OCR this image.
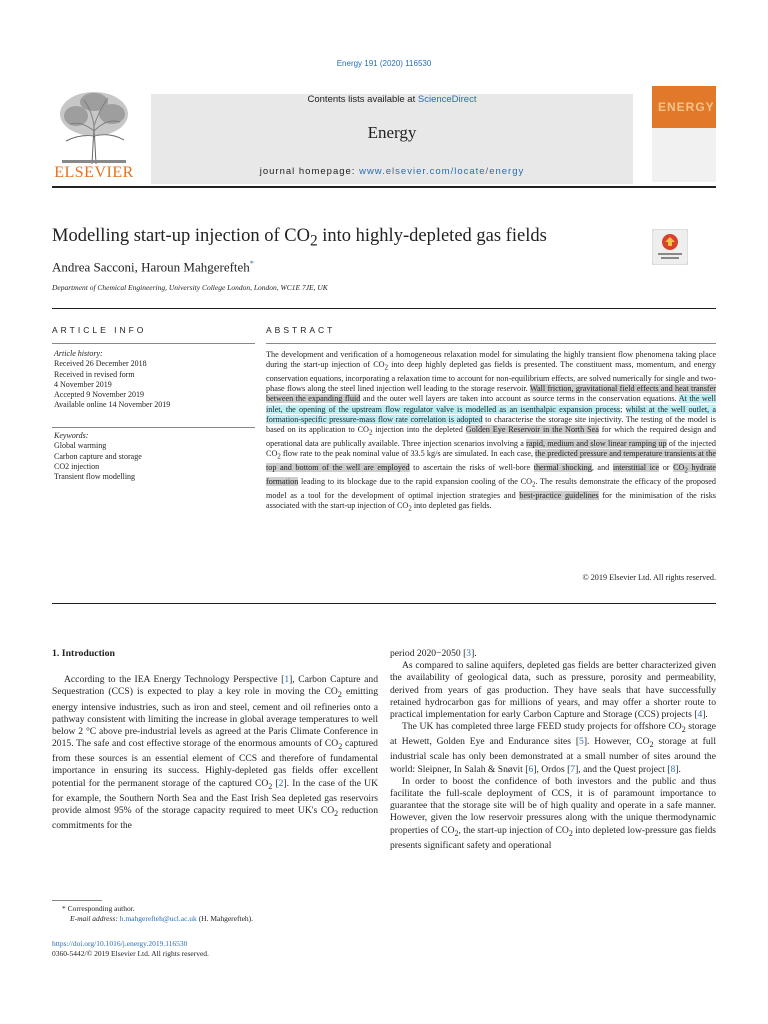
Energy 191 (2020) 116530
ELSEVIER
Contents lists available at ScienceDirect
Energy
journal homepage: www.elsevier.com/locate/energy
ENERGY
Modelling start-up injection of $CO_2$ into highly-depleted gas fields
Andrea Sacconi, Haroun Mahgerefteh*
Department of Chemical Engineering, University College London, London, WC1E 7JE, UK
ARTICLE INFO	ABSTRACT
Article history:
Received 26 December 2018
Received in revised form
4 November 2019
Accepted 9 November 2019
Available online 14 November 2019
Keywords:
Global warming
Carbon capture and storage
CO2 injection
Transient flow modelling
The development and verification of a homogeneous relaxation model for simulating the highly transient flow phenomena taking place during the start-up injection of $CO_2$ into deep highly depleted gas fields is presented. The constituent mass, momentum, and energy conservation equations, incorporating a relaxation time to account for non-equilibrium effects, are solved numerically for single and two-phase flows along the steel lined injection well leading to the storage reservoir. Wall friction, gravitational field effects and heat transfer between the expanding fluid and the outer well layers are taken into account as source terms in the conservation equations. At the well inlet, the opening of the upstream flow regulator valve is modelled as an isenthalpic expansion process; whilst at the well outlet, a formation-specific pressure-mass flow rate correlation is adopted to characterise the storage site injectivity. The testing of the model is based on its application to $CO_2$ injection into the depleted Golden Eye Reservoir in the North Sea for which the required design and operational data are publically available. Three injection scenarios involving a rapid, medium and slow linear ramping up of the injected $CO_2$ flow rate to the peak nominal value of 33.5 kg/s are simulated. In each case, the predicted pressure and temperature transients at the top and bottom of the well are employed to ascertain the risks of well-bore thermal shocking, and interstitial ice or $CO_2$ hydrate formation leading to its blockage due to the rapid expansion cooling of the $CO_2$. The results demonstrate the efficacy of the proposed model as a tool for the development of optimal injection strategies and best-practice guidelines for the minimisation of the risks associated with the start-up injection of $CO_2$ into depleted gas fields.
© 2019 Elsevier Ltd. All rights reserved.
1. Introduction

According to the IEA Energy Technology Perspective [1], Carbon Capture and Sequestration (CCS) is expected to play a key role in moving the $CO_2$ emitting energy intensive industries, such as iron and steel, cement and oil refineries onto a pathway consistent with limiting the increase in global average temperatures to well below 2 °C above pre-industrial levels as agreed at the Paris Climate Conference in 2015. The safe and cost effective storage of the enormous amounts of $CO_2$ captured from these sources is an essential element of CCS and therefore of fundamental importance in ensuring its success. Highly-depleted gas fields offer excellent potential for the permanent storage of the captured $CO_2$ [2]. In the case of the UK for example, the Southern North Sea and the East Irish Sea depleted gas reservoirs provide almost 95% of the storage capacity required to meet UK's $CO_2$ reduction commitments for the

period 2020−2050 [3].

As compared to saline aquifers, depleted gas fields are better characterized given the availability of geological data, such as pressure, porosity and permeability, derived from years of gas production. They have seals that have successfully retained hydrocarbon gas for millions of years, and may offer a shorter route to practical implementation for early Carbon Capture and Storage (CCS) projects [4].

The UK has completed three large FEED study projects for offshore $CO_2$ storage at Hewett, Golden Eye and Endurance sites [5]. However, $CO_2$ storage at full industrial scale has only been demonstrated at a small number of sites around the world: Sleipner, In Salah & Snøvit [6], Ordos [7], and the Quest project [8].

In order to boost the confidence of both investors and the public and thus facilitate the full-scale deployment of CCS, it is of paramount importance to guarantee that the storage site will be of high quality and operate in a safe manner. However, given the low reservoir pressures along with the unique thermodynamic properties of $CO_2$, the start-up injection of $CO_2$ into depleted low-pressure gas fields presents significant safety and operational

* Corresponding author.
E-mail address: h.mahgerefteh@ucl.ac.uk (H. Mahgerefteh).
https://doi.org/10.1016/j.energy.2019.116530
0360-5442/© 2019 Elsevier Ltd. All rights reserved.
